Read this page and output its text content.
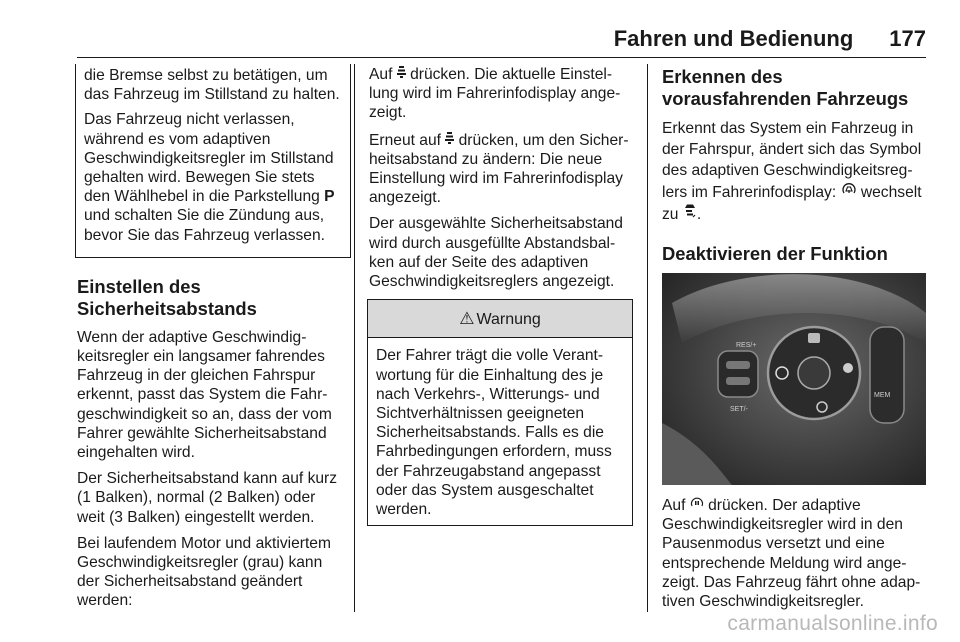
Fahren und Bedienung 177

die Bremse selbst zu betätigen, um das Fahrzeug im Stillstand zu halten.

Das Fahrzeug nicht verlassen, während es vom adaptiven Geschwindigkeitsregler im Stillstand gehalten wird. Bewegen Sie stets den Wählhebel in die Parkstellung P und schalten Sie die Zündung aus, bevor Sie das Fahrzeug verlassen.

Einstellen des Sicherheitsabstands

Wenn der adaptive Geschwindigkeitsregler ein langsamer fahrendes Fahrzeug in der gleichen Fahrspur erkennt, passt das System die Fahrgeschwindigkeit so an, dass der vom Fahrer gewählte Sicherheitsabstand eingehalten wird.

Der Sicherheitsabstand kann auf kurz (1 Balken), normal (2 Balken) oder weit (3 Balken) eingestellt werden.

Bei laufendem Motor und aktiviertem Geschwindigkeitsregler (grau) kann der Sicherheitsabstand geändert werden:

Auf  drücken. Die aktuelle Einstellung wird im Fahrerinfodisplay angezeigt.

Erneut auf  drücken, um den Sicherheitsabstand zu ändern: Die neue Einstellung wird im Fahrerinfodisplay angezeigt.

Der ausgewählte Sicherheitsabstand wird durch ausgefüllte Abstandsbalken auf der Seite des adaptiven Geschwindigkeitsreglers angezeigt.

⚠ Warnung
Der Fahrer trägt die volle Verantwortung für die Einhaltung des je nach Verkehrs-, Witterungs- und Sichtverhältnissen geeigneten Sicherheitsabstands. Falls es die Fahrbedingungen erfordern, muss der Fahrzeugabstand angepasst oder das System ausgeschaltet werden.
Erkennen des vorausfahrenden Fahrzeugs

Erkennt das System ein Fahrzeug in der Fahrspur, ändert sich das Symbol des adaptiven Geschwindigkeitsreglers im Fahrerinfodisplay:  wechselt zu .

Deaktivieren der Funktion
RES/+
SET/-
MEM

Auf  drücken. Der adaptive Geschwindigkeitsregler wird in den Pausenmodus versetzt und eine entsprechende Meldung wird angezeigt. Das Fahrzeug fährt ohne adaptiven Geschwindigkeitsregler.

carmanualsonline.info
